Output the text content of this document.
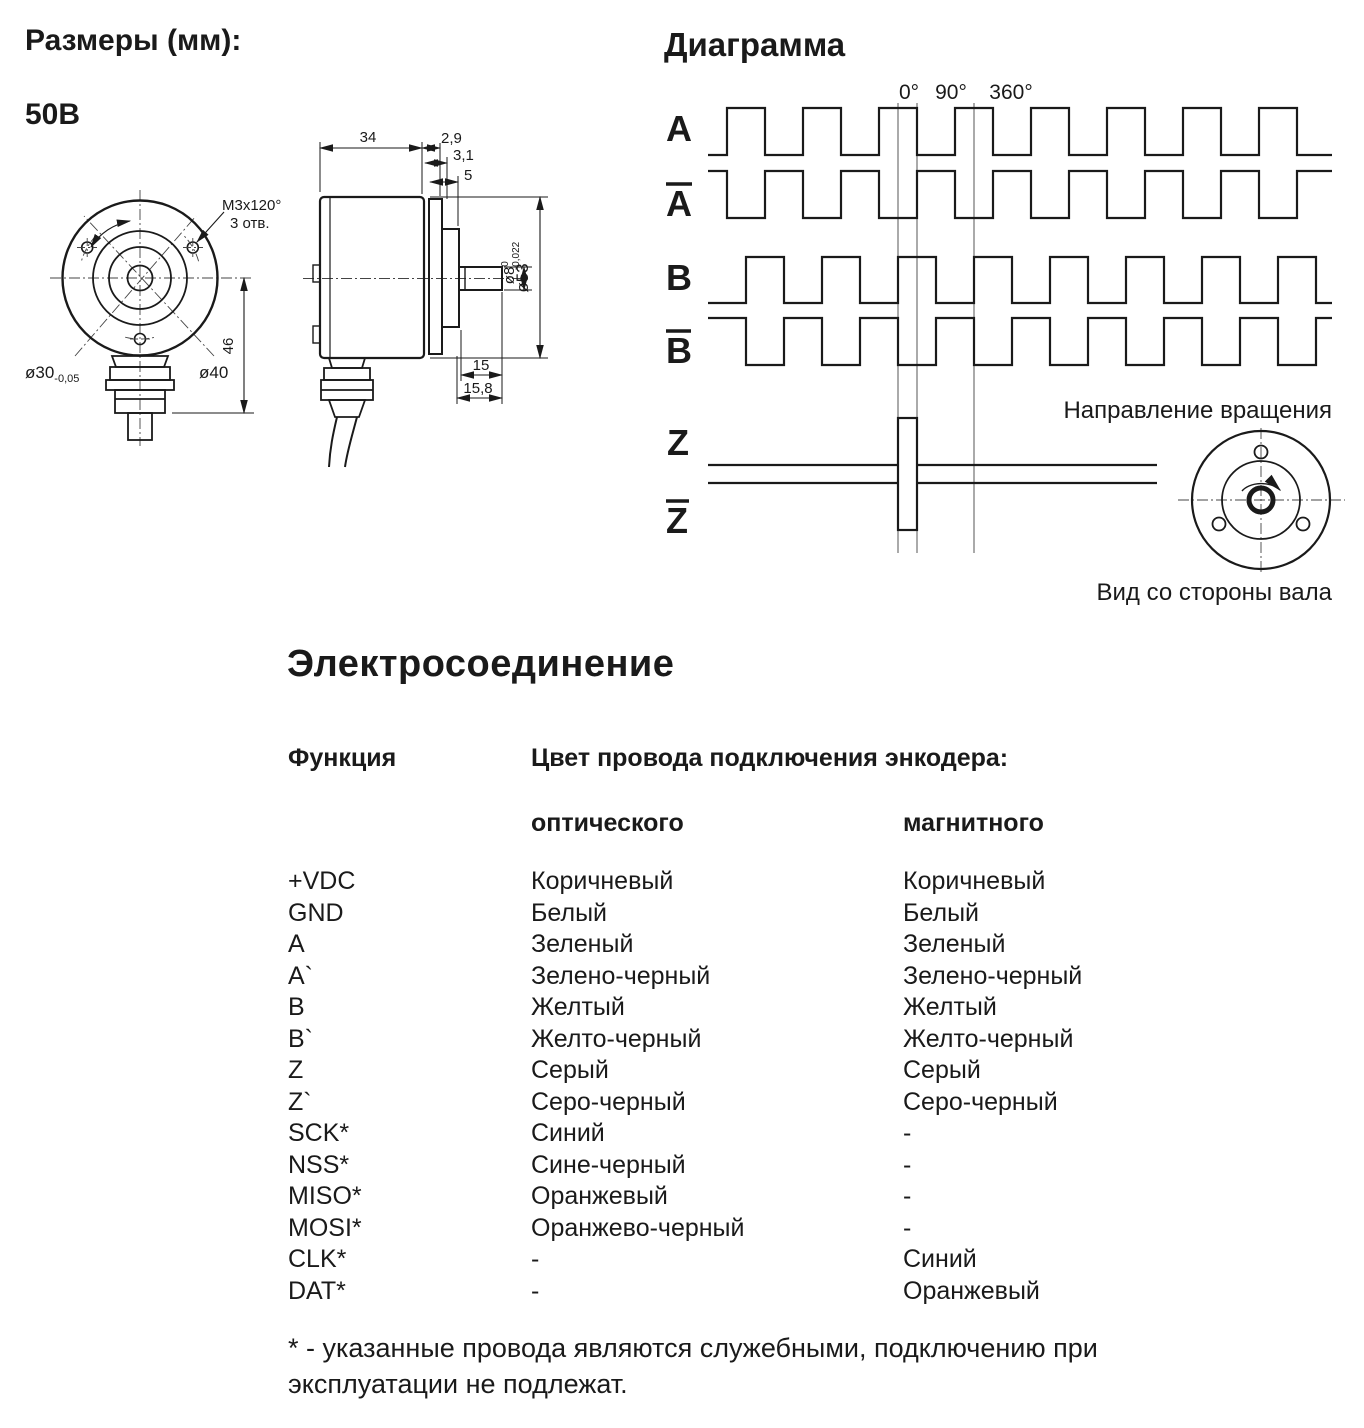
M3x120°
3 отв.
$ø30_{-0,05}$	ø40
46
34	2,9
3,1
5
$ø8^0-0,022$
ø53
15
15,8
0° 90° 360°
A
A
B
B
Z
Z
Направление вращения
Вид со стороны вала
Размеры (мм):
50В
Диаграмма
Электросоединение
Функция	Цвет провода подключения энкодера:
оптического	магнитного
+VDC	Коричневый	Коричневый
GND	Белый	Белый
A	Зеленый	Зеленый
A`	Зелено-черный	Зелено-черный
B	Желтый	Желтый
B`	Желто-черный	Желто-черный
Z	Серый	Серый
Z`	Серо-черный	Серо-черный
SCK*	Синий	-
NSS*	Сине-черный	-
MISO*	Оранжевый	-
MOSI*	Оранжево-черный	-
CLK*	-	Синий
DAT*	-	Оранжевый
* - указанные провода являются служебными, подключению при
эксплуатации не подлежат.
